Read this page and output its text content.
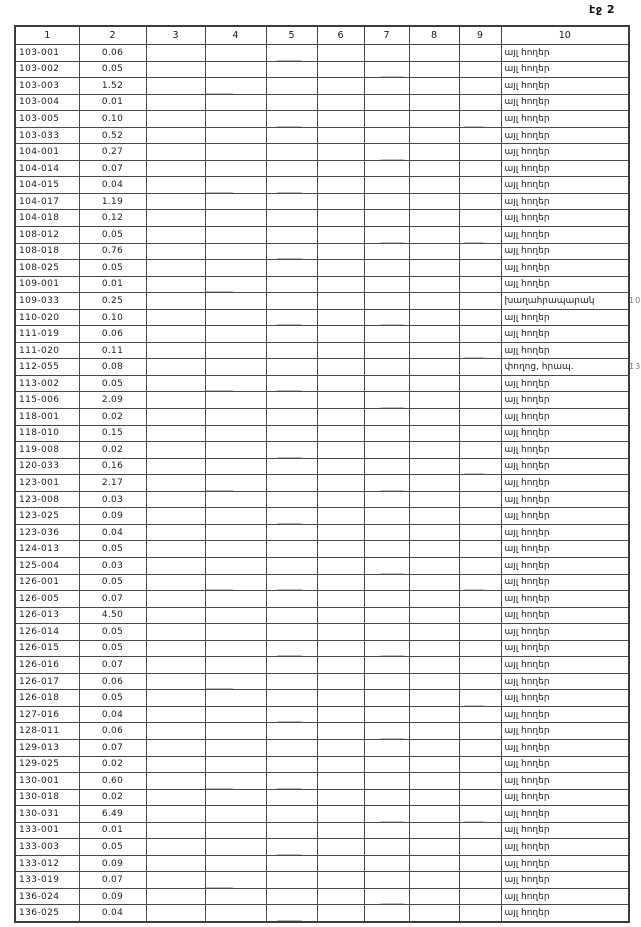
էջ 2
1	2	3	4	5	6	7	8	9	10
103-001	0.06								այլ հողեր
103-002	0.05								այլ հողեր
103-003	1.52								այլ հողեր
103-004	0.01								այլ հողեր
103-005	0.10								այլ հողեր
103-033	0.52								այլ հողեր
104-001	0.27								այլ հողեր
104-014	0.07								այլ հողեր
104-015	0.04								այլ հողեր
104-017	1.19								այլ հողեր
104-018	0.12								այլ հողեր
108-012	0.05								այլ հողեր
108-018	0.76								այլ հողեր
108-025	0.05								այլ հողեր
109-001	0.01								այլ հողեր
109-033	0.25								խաղահրապարակ
110-020	0.10								այլ հողեր
111-019	0.06								այլ հողեր
111-020	0.11								այլ հողեր
112-055	0.08								փողոց, հրապ.
113-002	0.05								այլ հողեր
115-006	2.09								այլ հողեր
118-001	0.02								այլ հողեր
118-010	0.15								այլ հողեր
119-008	0.02								այլ հողեր
120-033	0.16								այլ հողեր
123-001	2.17								այլ հողեր
123-008	0.03								այլ հողեր
123-025	0.09								այլ հողեր
123-036	0.04								այլ հողեր
124-013	0.05								այլ հողեր
125-004	0.03								այլ հողեր
126-001	0.05								այլ հողեր
126-005	0.07								այլ հողեր
126-013	4.50								այլ հողեր
126-014	0.05								այլ հողեր
126-015	0.05								այլ հողեր
126-016	0.07								այլ հողեր
126-017	0.06								այլ հողեր
126-018	0.05								այլ հողեր
127-016	0.04								այլ հողեր
128-011	0.06								այլ հողեր
129-013	0.07								այլ հողեր
129-025	0.02								այլ հողեր
130-001	0.60								այլ հողեր
130-018	0.02								այլ հողեր
130-031	6.49								այլ հողեր
133-001	0.01								այլ հողեր
133-003	0.05								այլ հողեր
133-012	0.09								այլ հողեր
133-019	0.07								այլ հողեր
136-024	0.09								այլ հողեր
136-025	0.04								այլ հողեր
10
13
